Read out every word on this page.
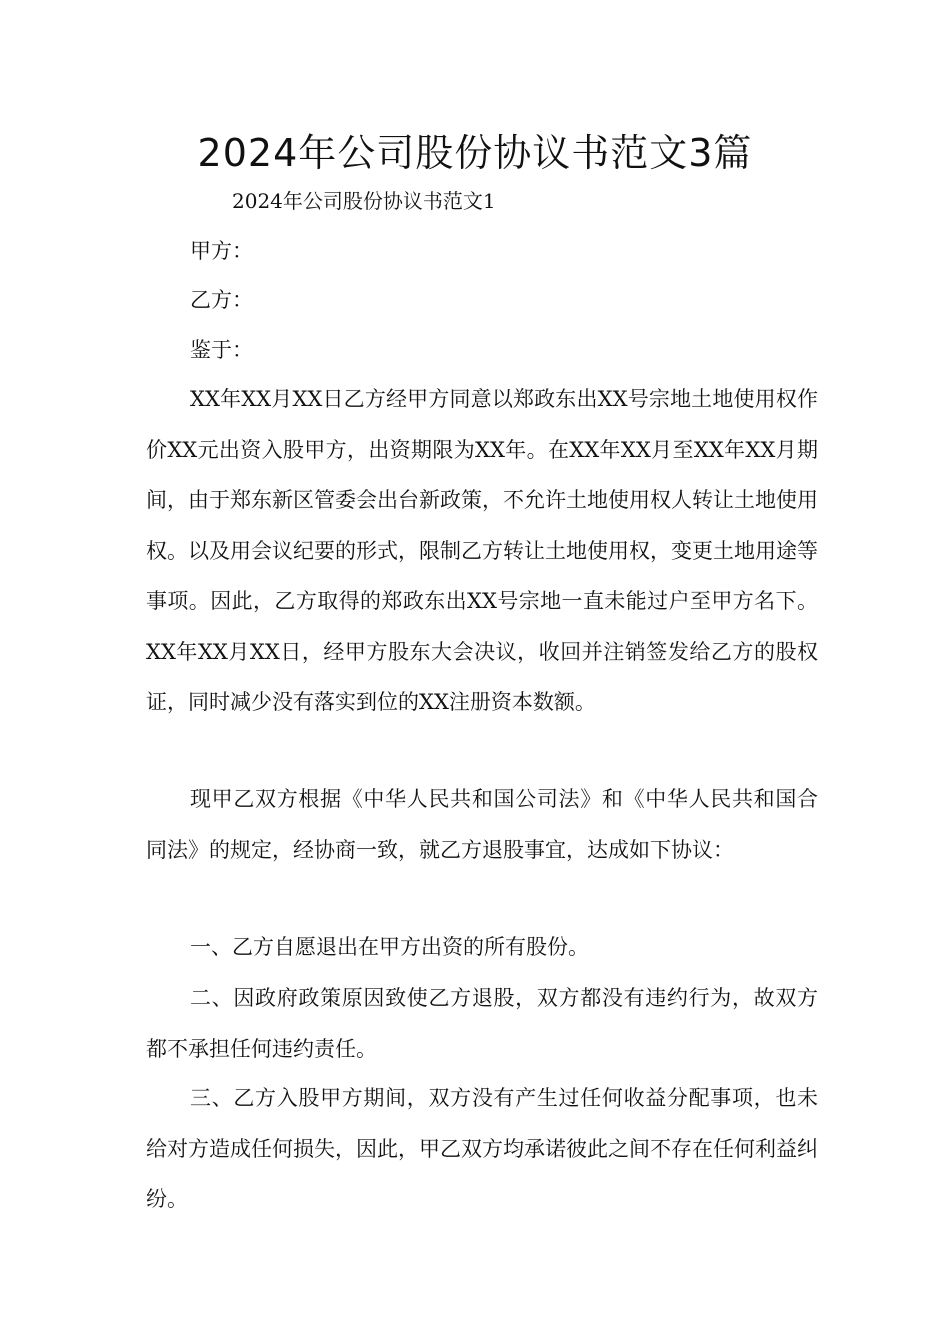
2024年公司股份协议书范文3篇

2024年公司股份协议书范文1

甲方：

乙方：

鉴于：

XX年XX月XX日乙方经甲方同意以郑政东出XX号宗地土地使用权作价XX元出资入股甲方，出资期限为XX年。在XX年XX月至XX年XX月期间，由于郑东新区管委会出台新政策，不允许土地使用权人转让土地使用权。以及用会议纪要的形式，限制乙方转让土地使用权，变更土地用途等事项。因此，乙方取得的郑政东出XX号宗地一直未能过户至甲方名下。XX年XX月XX日，经甲方股东大会决议，收回并注销签发给乙方的股权证，同时减少没有落实到位的XX注册资本数额。

现甲乙双方根据《中华人民共和国公司法》和《中华人民共和国合同法》的规定，经协商一致，就乙方退股事宜，达成如下协议：

一、乙方自愿退出在甲方出资的所有股份。

二、因政府政策原因致使乙方退股，双方都没有违约行为，故双方都不承担任何违约责任。

三、乙方入股甲方期间，双方没有产生过任何收益分配事项，也未给对方造成任何损失，因此，甲乙双方均承诺彼此之间不存在任何利益纠纷。
